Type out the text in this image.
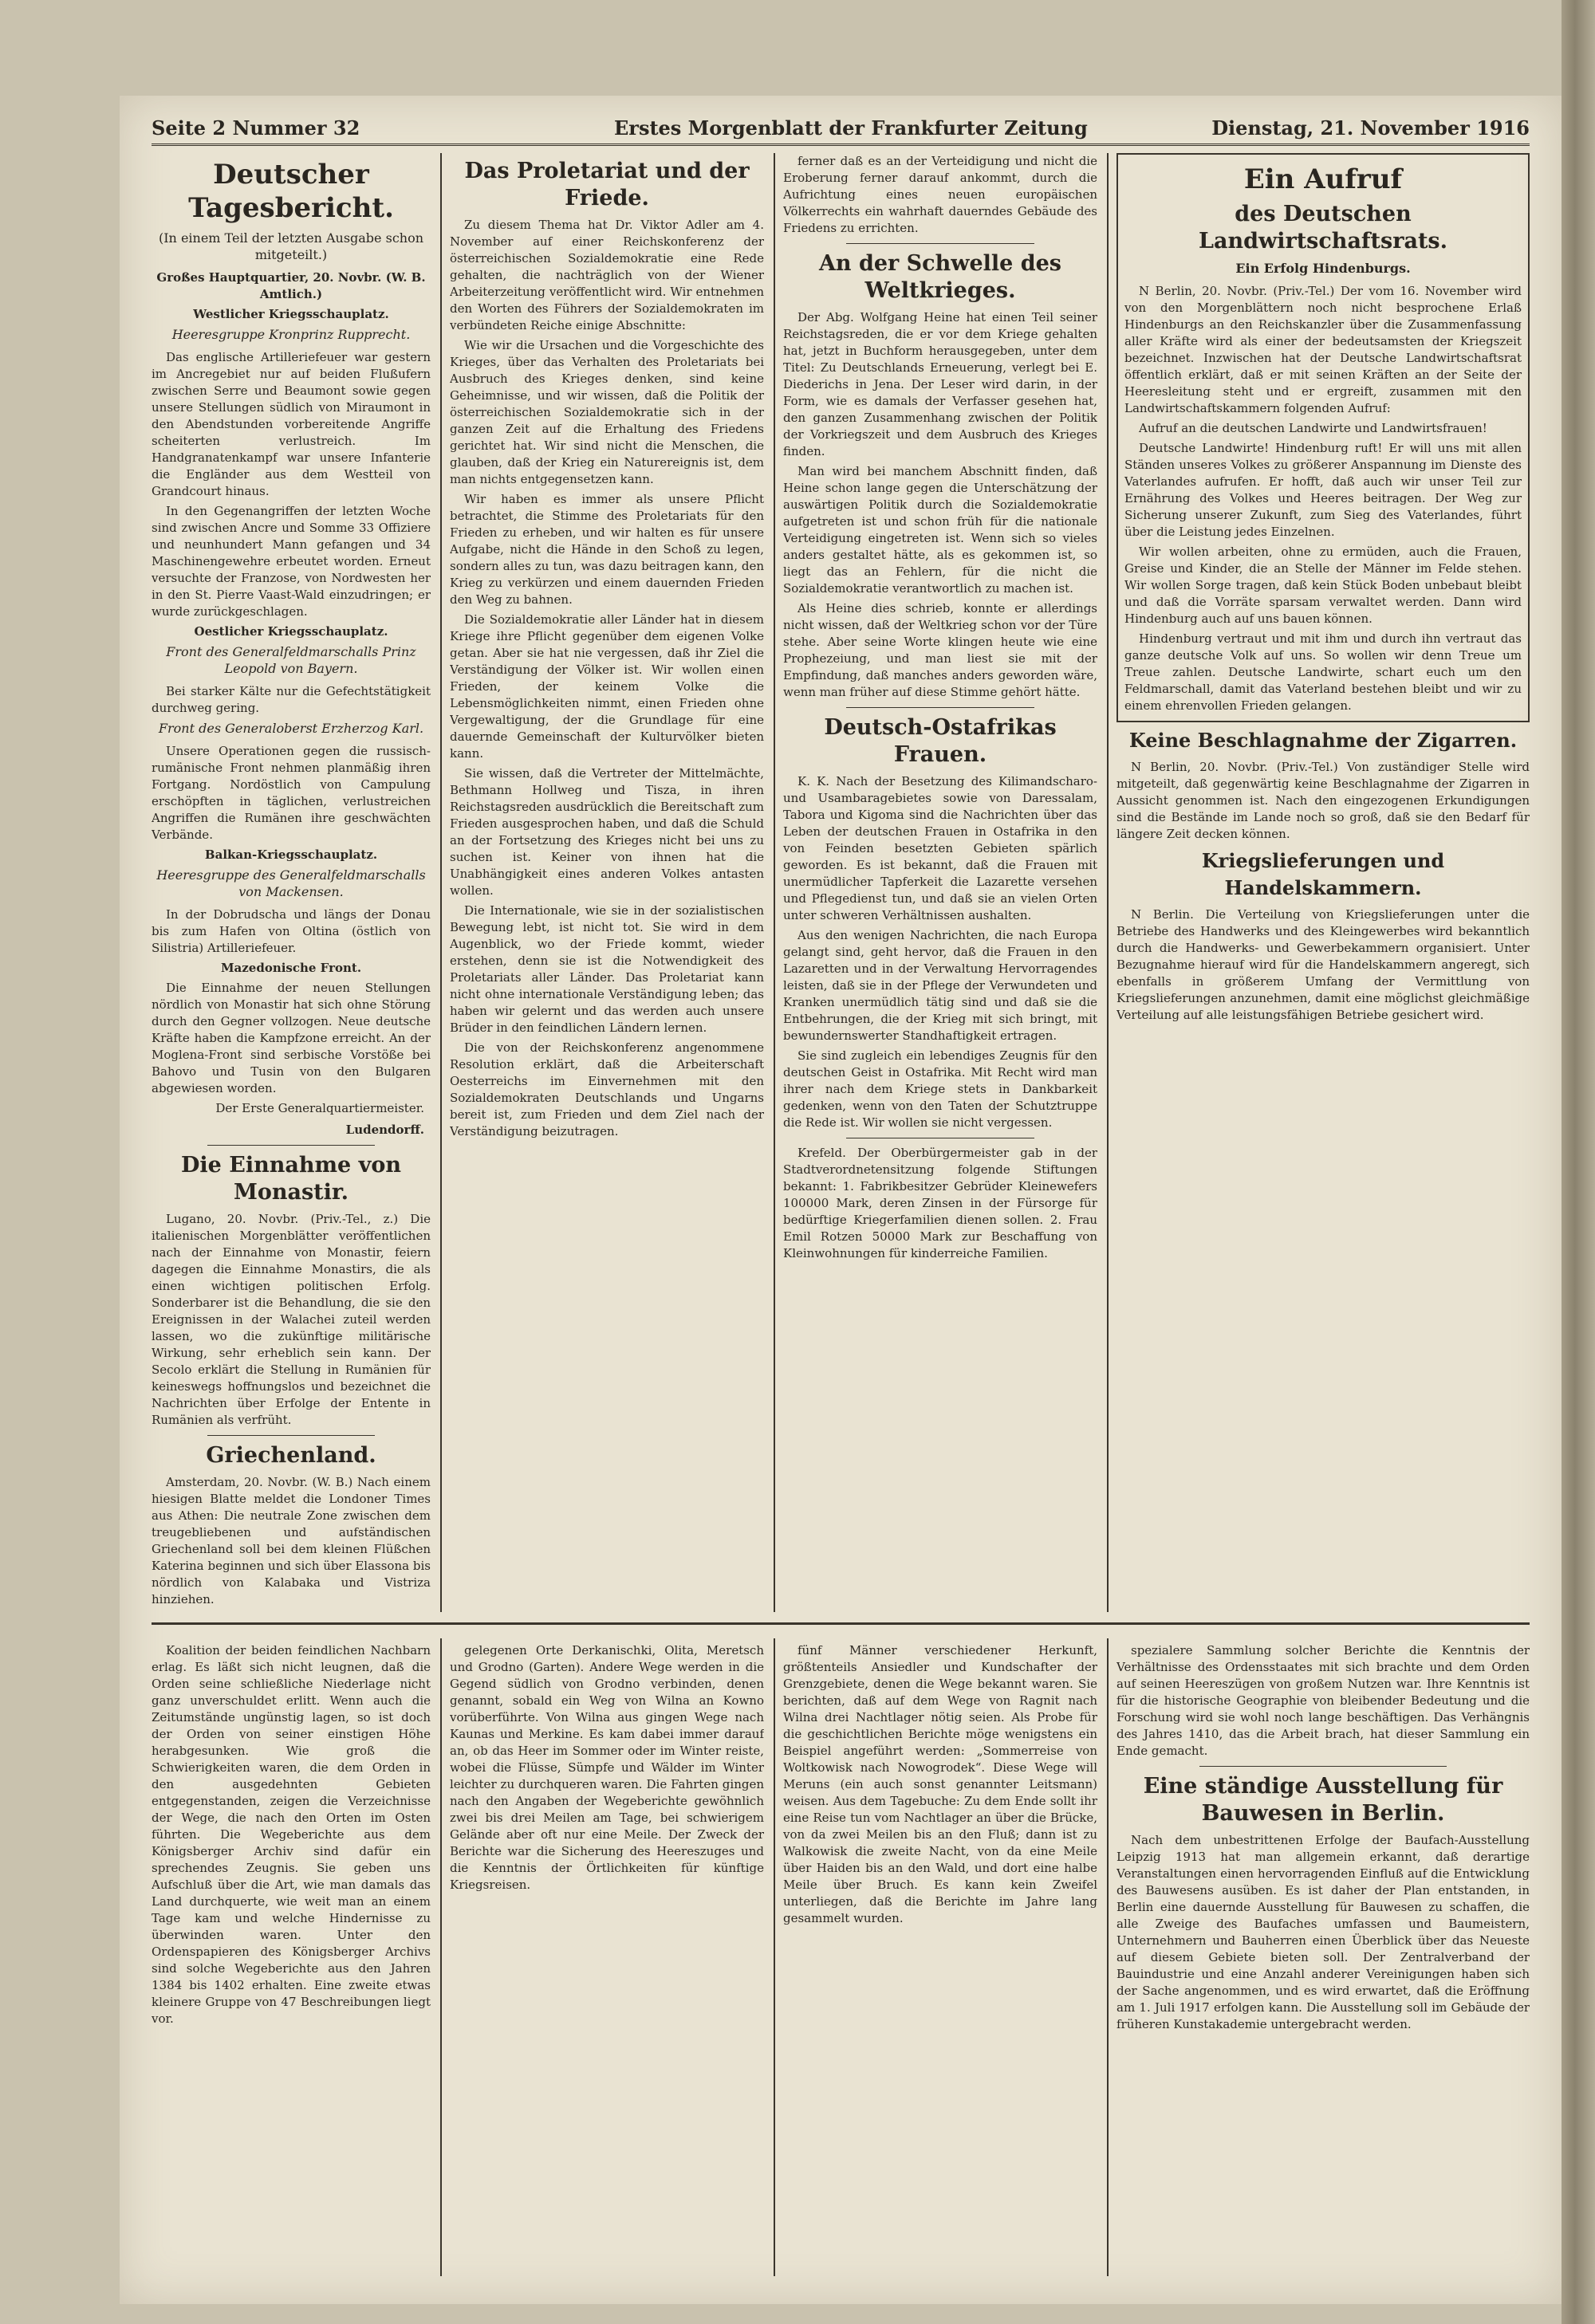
Seite 2 Nummer 32	Erstes Morgenblatt der Frankfurter Zeitung	Dienstag, 21. November 1916
Deutscher Tagesbericht.
(In einem Teil der letzten Ausgabe schon mitgeteilt.)
Großes Hauptquartier, 20. Novbr. (W. B. Amtlich.)
Westlicher Kriegsschauplatz.
Heeresgruppe Kronprinz Rupprecht.
Das englische Artilleriefeuer war gestern im Ancregebiet nur auf beiden Flußufern zwischen Serre und Beaumont sowie gegen unsere Stellungen südlich von Miraumont in den Abendstunden vorbereitende Angriffe scheiterten verlustreich. Im Handgranatenkampf war unsere Infanterie die Engländer aus dem Westteil von Grandcourt hinaus.
In den Gegenangriffen der letzten Woche sind zwischen Ancre und Somme 33 Offiziere und neunhundert Mann gefangen und 34 Maschinengewehre erbeutet worden. Erneut versuchte der Franzose, von Nordwesten her in den St. Pierre Vaast-Wald einzudringen; er wurde zurückgeschlagen.
Oestlicher Kriegsschauplatz.
Front des Generalfeldmarschalls Prinz Leopold von Bayern.
Bei starker Kälte nur die Gefechtstätigkeit durchweg gering.
Front des Generaloberst Erzherzog Karl.
Unsere Operationen gegen die russisch-rumänische Front nehmen planmäßig ihren Fortgang. Nordöstlich von Campulung erschöpften in täglichen, verlustreichen Angriffen die Rumänen ihre geschwächten Verbände.
Balkan-Kriegsschauplatz.
Heeresgruppe des Generalfeldmarschalls von Mackensen.
In der Dobrudscha und längs der Donau bis zum Hafen von Oltina (östlich von Silistria) Artilleriefeuer.
Mazedonische Front.
Die Einnahme der neuen Stellungen nördlich von Monastir hat sich ohne Störung durch den Gegner vollzogen. Neue deutsche Kräfte haben die Kampfzone erreicht. An der Moglena-Front sind serbische Vorstöße bei Bahovo und Tusin von den Bulgaren abgewiesen worden.
Der Erste Generalquartiermeister.
Ludendorff.
Die Einnahme von Monastir.
Lugano, 20. Novbr. (Priv.-Tel., z.) Die italienischen Morgenblätter veröffentlichen nach der Einnahme von Monastir, feiern dagegen die Einnahme Monastirs, die als einen wichtigen politischen Erfolg. Sonderbarer ist die Behandlung, die sie den Ereignissen in der Walachei zuteil werden lassen, wo die zukünftige militärische Wirkung, sehr erheblich sein kann. Der Secolo erklärt die Stellung in Rumänien für keineswegs hoffnungslos und bezeichnet die Nachrichten über Erfolge der Entente in Rumänien als verfrüht.
Griechenland.
Amsterdam, 20. Novbr. (W. B.) Nach einem hiesigen Blatte meldet die Londoner Times aus Athen: Die neutrale Zone zwischen dem treugebliebenen und aufständischen Griechenland soll bei dem kleinen Flüßchen Katerina beginnen und sich über Elassona bis nördlich von Kalabaka und Vistriza hinziehen.
Das Proletariat und der Friede.
Zu diesem Thema hat Dr. Viktor Adler am 4. November auf einer Reichskonferenz der österreichischen Sozialdemokratie eine Rede gehalten, die nachträglich von der Wiener Arbeiterzeitung veröffentlicht wird. Wir entnehmen den Worten des Führers der Sozialdemokraten im verbündeten Reiche einige Abschnitte:
Wie wir die Ursachen und die Vorgeschichte des Krieges, über das Verhalten des Proletariats bei Ausbruch des Krieges denken, sind keine Geheimnisse, und wir wissen, daß die Politik der österreichischen Sozialdemokratie sich in der ganzen Zeit auf die Erhaltung des Friedens gerichtet hat. Wir sind nicht die Menschen, die glauben, daß der Krieg ein Naturereignis ist, dem man nichts entgegensetzen kann.
Wir haben es immer als unsere Pflicht betrachtet, die Stimme des Proletariats für den Frieden zu erheben, und wir halten es für unsere Aufgabe, nicht die Hände in den Schoß zu legen, sondern alles zu tun, was dazu beitragen kann, den Krieg zu verkürzen und einem dauernden Frieden den Weg zu bahnen.
Die Sozialdemokratie aller Länder hat in diesem Kriege ihre Pflicht gegenüber dem eigenen Volke getan. Aber sie hat nie vergessen, daß ihr Ziel die Verständigung der Völker ist. Wir wollen einen Frieden, der keinem Volke die Lebensmöglichkeiten nimmt, einen Frieden ohne Vergewaltigung, der die Grundlage für eine dauernde Gemeinschaft der Kulturvölker bieten kann.
Sie wissen, daß die Vertreter der Mittelmächte, Bethmann Hollweg und Tisza, in ihren Reichstagsreden ausdrücklich die Bereitschaft zum Frieden ausgesprochen haben, und daß die Schuld an der Fortsetzung des Krieges nicht bei uns zu suchen ist. Keiner von ihnen hat die Unabhängigkeit eines anderen Volkes antasten wollen.
Die Internationale, wie sie in der sozialistischen Bewegung lebt, ist nicht tot. Sie wird in dem Augenblick, wo der Friede kommt, wieder erstehen, denn sie ist die Notwendigkeit des Proletariats aller Länder. Das Proletariat kann nicht ohne internationale Verständigung leben; das haben wir gelernt und das werden auch unsere Brüder in den feindlichen Ländern lernen.
Die von der Reichskonferenz angenommene Resolution erklärt, daß die Arbeiterschaft Oesterreichs im Einvernehmen mit den Sozialdemokraten Deutschlands und Ungarns bereit ist, zum Frieden und dem Ziel nach der Verständigung beizutragen.
ferner daß es an der Verteidigung und nicht die Eroberung ferner darauf ankommt, durch die Aufrichtung eines neuen europäischen Völkerrechts ein wahrhaft dauerndes Gebäude des Friedens zu errichten.
An der Schwelle des Weltkrieges.
Der Abg. Wolfgang Heine hat einen Teil seiner Reichstagsreden, die er vor dem Kriege gehalten hat, jetzt in Buchform herausgegeben, unter dem Titel: Zu Deutschlands Erneuerung, verlegt bei E. Diederichs in Jena. Der Leser wird darin, in der Form, wie es damals der Verfasser gesehen hat, den ganzen Zusammenhang zwischen der Politik der Vorkriegszeit und dem Ausbruch des Krieges finden.
Man wird bei manchem Abschnitt finden, daß Heine schon lange gegen die Unterschätzung der auswärtigen Politik durch die Sozialdemokratie aufgetreten ist und schon früh für die nationale Verteidigung eingetreten ist. Wenn sich so vieles anders gestaltet hätte, als es gekommen ist, so liegt das an Fehlern, für die nicht die Sozialdemokratie verantwortlich zu machen ist.
Als Heine dies schrieb, konnte er allerdings nicht wissen, daß der Weltkrieg schon vor der Türe stehe. Aber seine Worte klingen heute wie eine Prophezeiung, und man liest sie mit der Empfindung, daß manches anders geworden wäre, wenn man früher auf diese Stimme gehört hätte.
Deutsch-Ostafrikas Frauen.
K. K. Nach der Besetzung des Kilimandscharo- und Usambaragebietes sowie von Daressalam, Tabora und Kigoma sind die Nachrichten über das Leben der deutschen Frauen in Ostafrika in den von Feinden besetzten Gebieten spärlich geworden. Es ist bekannt, daß die Frauen mit unermüdlicher Tapferkeit die Lazarette versehen und Pflegedienst tun, und daß sie an vielen Orten unter schweren Verhältnissen aushalten.
Aus den wenigen Nachrichten, die nach Europa gelangt sind, geht hervor, daß die Frauen in den Lazaretten und in der Verwaltung Hervorragendes leisten, daß sie in der Pflege der Verwundeten und Kranken unermüdlich tätig sind und daß sie die Entbehrungen, die der Krieg mit sich bringt, mit bewundernswerter Standhaftigkeit ertragen.
Sie sind zugleich ein lebendiges Zeugnis für den deutschen Geist in Ostafrika. Mit Recht wird man ihrer nach dem Kriege stets in Dankbarkeit gedenken, wenn von den Taten der Schutztruppe die Rede ist. Wir wollen sie nicht vergessen.
Krefeld. Der Oberbürgermeister gab in der Stadtverordnetensitzung folgende Stiftungen bekannt: 1. Fabrikbesitzer Gebrüder Kleinewefers 100000 Mark, deren Zinsen in der Fürsorge für bedürftige Kriegerfamilien dienen sollen. 2. Frau Emil Rotzen 50000 Mark zur Beschaffung von Kleinwohnungen für kinderreiche Familien.
Ein Aufruf
des Deutschen Landwirtschaftsrats.
Ein Erfolg Hindenburgs.
N Berlin, 20. Novbr. (Priv.-Tel.) Der vom 16. November wird von den Morgenblättern noch nicht besprochene Erlaß Hindenburgs an den Reichskanzler über die Zusammenfassung aller Kräfte wird als einer der bedeutsamsten der Kriegszeit bezeichnet. Inzwischen hat der Deutsche Landwirtschaftsrat öffentlich erklärt, daß er mit seinen Kräften an der Seite der Heeresleitung steht und er ergreift, zusammen mit den Landwirtschaftskammern folgenden Aufruf:
Aufruf an die deutschen Landwirte und Landwirtsfrauen!
Deutsche Landwirte! Hindenburg ruft! Er will uns mit allen Ständen unseres Volkes zu größerer Anspannung im Dienste des Vaterlandes aufrufen. Er hofft, daß auch wir unser Teil zur Ernährung des Volkes und Heeres beitragen. Der Weg zur Sicherung unserer Zukunft, zum Sieg des Vaterlandes, führt über die Leistung jedes Einzelnen.
Wir wollen arbeiten, ohne zu ermüden, auch die Frauen, Greise und Kinder, die an Stelle der Männer im Felde stehen. Wir wollen Sorge tragen, daß kein Stück Boden unbebaut bleibt und daß die Vorräte sparsam verwaltet werden. Dann wird Hindenburg auch auf uns bauen können.
Hindenburg vertraut und mit ihm und durch ihn vertraut das ganze deutsche Volk auf uns. So wollen wir denn Treue um Treue zahlen. Deutsche Landwirte, schart euch um den Feldmarschall, damit das Vaterland bestehen bleibt und wir zu einem ehrenvollen Frieden gelangen.
Keine Beschlagnahme der Zigarren.
N Berlin, 20. Novbr. (Priv.-Tel.) Von zuständiger Stelle wird mitgeteilt, daß gegenwärtig keine Beschlagnahme der Zigarren in Aussicht genommen ist. Nach den eingezogenen Erkundigungen sind die Bestände im Lande noch so groß, daß sie den Bedarf für längere Zeit decken können.
Kriegslieferungen und Handelskammern.
N Berlin. Die Verteilung von Kriegslieferungen unter die Betriebe des Handwerks und des Kleingewerbes wird bekanntlich durch die Handwerks- und Gewerbekammern organisiert. Unter Bezugnahme hierauf wird für die Handelskammern angeregt, sich ebenfalls in größerem Umfang der Vermittlung von Kriegslieferungen anzunehmen, damit eine möglichst gleichmäßige Verteilung auf alle leistungsfähigen Betriebe gesichert wird.
Koalition der beiden feindlichen Nachbarn erlag. Es läßt sich nicht leugnen, daß die Orden seine schließliche Niederlage nicht ganz unverschuldet erlitt. Wenn auch die Zeitumstände ungünstig lagen, so ist doch der Orden von seiner einstigen Höhe herabgesunken. Wie groß die Schwierigkeiten waren, die dem Orden in den ausgedehnten Gebieten entgegenstanden, zeigen die Verzeichnisse der Wege, die nach den Orten im Osten führten. Die Wegeberichte aus dem Königsberger Archiv sind dafür ein sprechendes Zeugnis. Sie geben uns Aufschluß über die Art, wie man damals das Land durchquerte, wie weit man an einem Tage kam und welche Hindernisse zu überwinden waren. Unter den Ordenspapieren des Königsberger Archivs sind solche Wegeberichte aus den Jahren 1384 bis 1402 erhalten. Eine zweite etwas kleinere Gruppe von 47 Beschreibungen liegt vor.
gelegenen Orte Derkanischki, Olita, Meretsch und Grodno (Garten). Andere Wege werden in die Gegend südlich von Grodno verbinden, denen genannt, sobald ein Weg von Wilna an Kowno vorüberführte. Von Wilna aus gingen Wege nach Kaunas und Merkine. Es kam dabei immer darauf an, ob das Heer im Sommer oder im Winter reiste, wobei die Flüsse, Sümpfe und Wälder im Winter leichter zu durchqueren waren. Die Fahrten gingen nach den Angaben der Wegeberichte gewöhnlich zwei bis drei Meilen am Tage, bei schwierigem Gelände aber oft nur eine Meile. Der Zweck der Berichte war die Sicherung des Heereszuges und die Kenntnis der Örtlichkeiten für künftige Kriegsreisen.
fünf Männer verschiedener Herkunft, größtenteils Ansiedler und Kundschafter der Grenzgebiete, denen die Wege bekannt waren. Sie berichten, daß auf dem Wege von Ragnit nach Wilna drei Nachtlager nötig seien. Als Probe für die geschichtlichen Berichte möge wenigstens ein Beispiel angeführt werden: „Sommerreise von Woltkowisk nach Nowogrodek“. Diese Wege will Meruns (ein auch sonst genannter Leitsmann) weisen. Aus dem Tagebuche: Zu dem Ende sollt ihr eine Reise tun vom Nachtlager an über die Brücke, von da zwei Meilen bis an den Fluß; dann ist zu Walkowisk die zweite Nacht, von da eine Meile über Haiden bis an den Wald, und dort eine halbe Meile über Bruch. Es kann kein Zweifel unterliegen, daß die Berichte im Jahre lang gesammelt wurden.
spezialere Sammlung solcher Berichte die Kenntnis der Verhältnisse des Ordensstaates mit sich brachte und dem Orden auf seinen Heereszügen von großem Nutzen war. Ihre Kenntnis ist für die historische Geographie von bleibender Bedeutung und die Forschung wird sie wohl noch lange beschäftigen. Das Verhängnis des Jahres 1410, das die Arbeit brach, hat dieser Sammlung ein Ende gemacht.
Eine ständige Ausstellung für Bauwesen in Berlin.
Nach dem unbestrittenen Erfolge der Baufach-Ausstellung Leipzig 1913 hat man allgemein erkannt, daß derartige Veranstaltungen einen hervorragenden Einfluß auf die Entwicklung des Bauwesens ausüben. Es ist daher der Plan entstanden, in Berlin eine dauernde Ausstellung für Bauwesen zu schaffen, die alle Zweige des Baufaches umfassen und Baumeistern, Unternehmern und Bauherren einen Überblick über das Neueste auf diesem Gebiete bieten soll. Der Zentralverband der Bauindustrie und eine Anzahl anderer Vereinigungen haben sich der Sache angenommen, und es wird erwartet, daß die Eröffnung am 1. Juli 1917 erfolgen kann. Die Ausstellung soll im Gebäude der früheren Kunstakademie untergebracht werden.
